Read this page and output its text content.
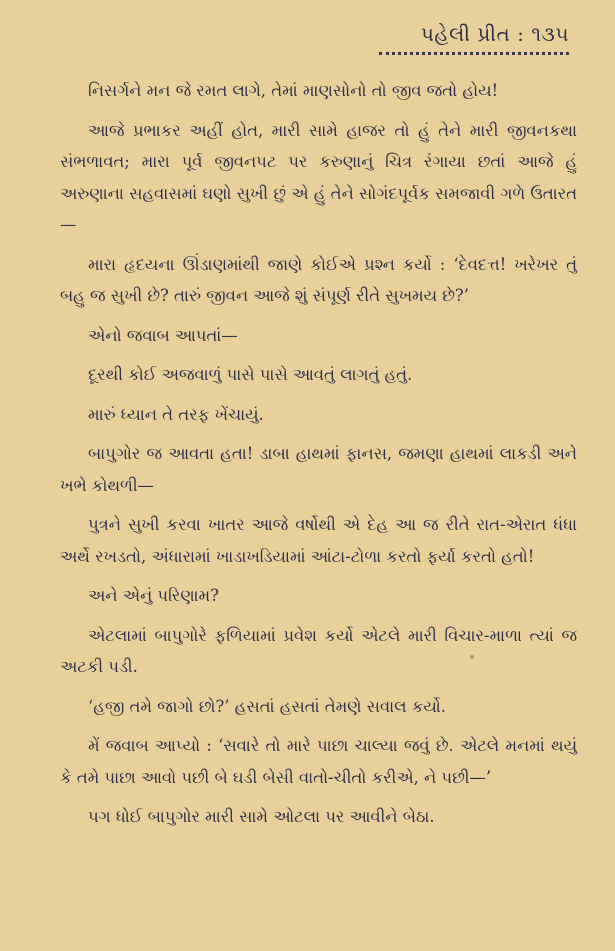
પહેલી પ્રીત : ૧૩૫

નિસર્ગને મન જે રમત લાગે, તેમાં માણસોનો તો જીવ જતો હોય!

આજે પ્રભાકર અહીં હોત, મારી સામે હાજર તો હું તેને મારી જીવનકથા સંભળાવત; મારા પૂર્વ જીવનપટ પર કરુણાનું ચિત્ર રંગાયા છતાં આજે હું અરુણાના સહવાસમાં ઘણો સુખી છું એ હું તેને સોગંદપૂર્વક સમજાવી ગળે ઉતારત—

મારા હૃદયના ઊંડાણમાંથી જાણે કોઈએ પ્રશ્ન કર્યો : ‘દેવદત્ત! ખરેખર તું બહુ જ સુખી છે? તારું જીવન આજે શું સંપૂર્ણ રીતે સુખમય છે?’

એનો જવાબ આપતાં—

દૂરથી કોઈ અજવાળું પાસે પાસે આવતું લાગતું હતું.

મારું ધ્યાન તે તરફ ખેંચાયું.

બાપુગોર જ આવતા હતા! ડાબા હાથમાં ફાનસ, જમણા હાથમાં લાકડી અને ખભે કોથળી—

પુત્રને સુખી કરવા ખાતર આજે વર્ષોથી એ દેહ આ જ રીતે રાત-એરાત ધંધા અર્થે રખડતો, અંધારામાં ખાડાખડિયામાં આંટા-ટોળા કરતો ફર્યા કરતો હતો!

અને એનું પરિણામ?

એટલામાં બાપુગોરે ફળિયામાં પ્રવેશ કર્યો એટલે મારી વિચાર-માળા ત્યાં જ અટકી પડી.

‘હજી તમે જાગો છો?’ હસતાં હસતાં તેમણે સવાલ કર્યો.

મેં જવાબ આપ્યો : ‘સવારે તો મારે પાછા ચાલ્યા જવું છે. એટલે મનમાં થયું કે તમે પાછા આવો પછી બે ઘડી બેસી વાતો-ચીતો કરીએ, ને પછી—’

પગ ધોઈ બાપુગોર મારી સામે ઓટલા પર આવીને બેઠા.
